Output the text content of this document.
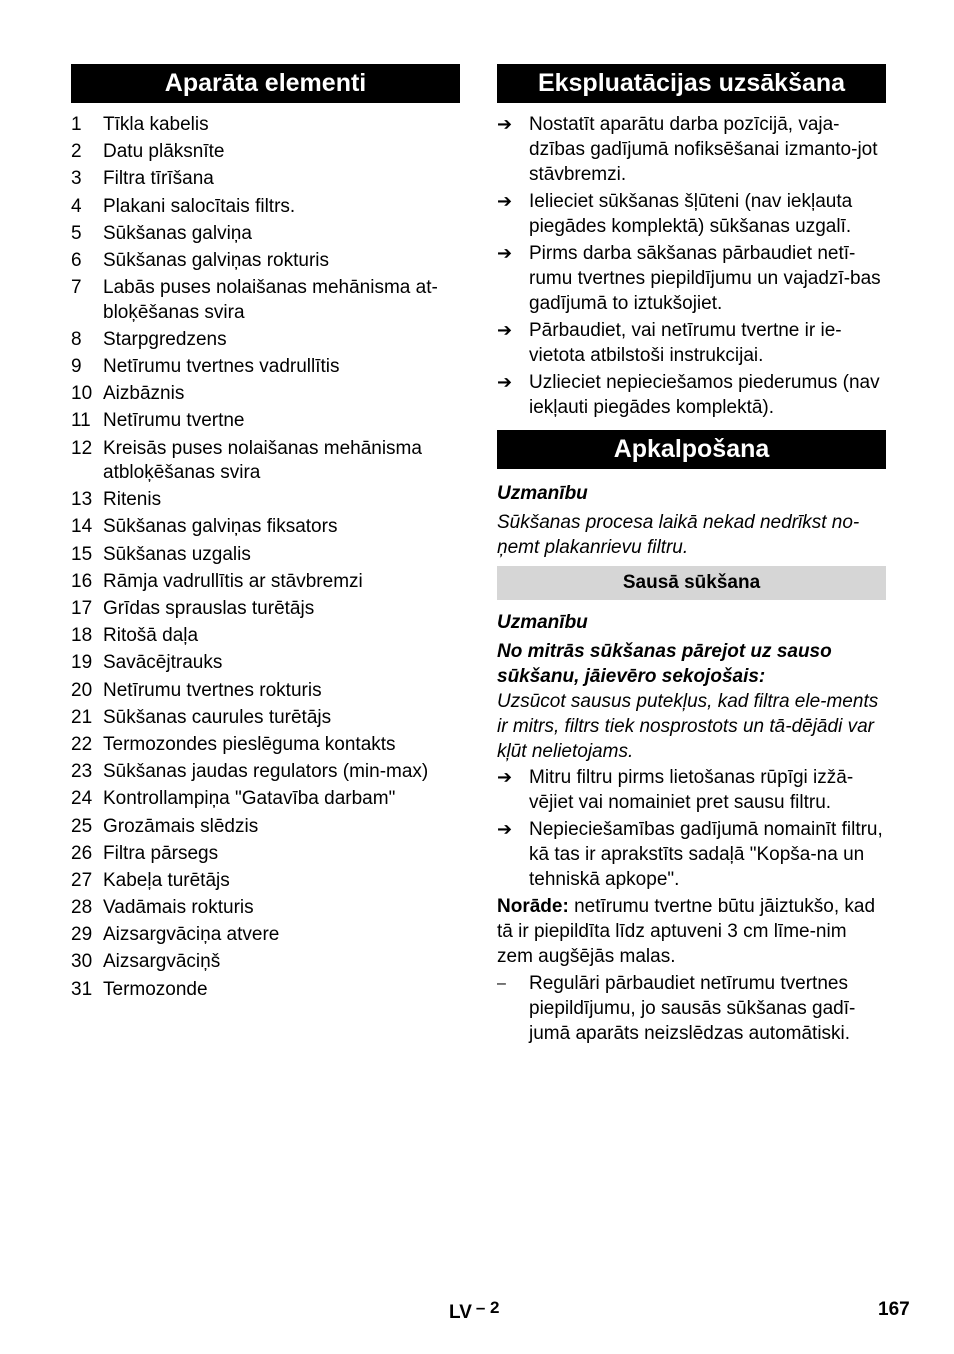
Aparāta elementi
1	Tīkla kabelis
2	Datu plāksnīte
3	Filtra tīrīšana
4	Plakani salocītais filtrs.
5	Sūkšanas galviņa
6	Sūkšanas galviņas rokturis
7	Labās puses nolaišanas mehānisma at-bloķēšanas svira
8	Starpgredzens
9	Netīrumu tvertnes vadrullītis
10 Aizbāznis
11 Netīrumu tvertne
12 Kreisās puses nolaišanas mehānisma atbloķēšanas svira
13 Ritenis
14 Sūkšanas galviņas fiksators
15 Sūkšanas uzgalis
16 Rāmja vadrullītis ar stāvbremzi
17 Grīdas sprauslas turētājs
18 Ritošā daļa
19 Savācējtrauks
20 Netīrumu tvertnes rokturis
21 Sūkšanas caurules turētājs
22 Termozondes pieslēguma kontakts
23 Sūkšanas jaudas regulators (min-max)
24 Kontrollampiņa "Gatavība darbam"
25 Grozāmais slēdzis
26 Filtra pārsegs
27 Kabeļa turētājs
28 Vadāmais rokturis
29 Aizsargvāciņa atvere
30 Aizsargvāciņš
31 Termozonde
Ekspluatācijas uzsākšana
➔ Nostatīt aparātu darba pozīcijā, vaja-dzības gadījumā nofiksēšanai izmanto-jot stāvbremzi.
➔ Ielieciet sūkšanas šļūteni (nav iekļauta piegādes komplektā) sūkšanas uzgalī.
➔ Pirms darba sākšanas pārbaudiet netī-rumu tvertnes piepildījumu un vajadzī-bas gadījumā to iztukšojiet.
➔ Pārbaudiet, vai netīrumu tvertne ir ie-vietota atbilstoši instrukcijai.
➔ Uzlieciet nepieciešamos piederumus (nav iekļauti piegādes komplektā).
Apkalpošana

Uzmanību

Sūkšanas procesa laikā nekad nedrīkst no-ņemt plakanrievu filtru.

Sausā sūkšana

Uzmanību

No mitrās sūkšanas pārejot uz sauso sūkšanu, jāievēro sekojošais:

Uzsūcot sausus putekļus, kad filtra ele-ments ir mitrs, filtrs tiek nosprostots un tā-dējādi var kļūt nelietojams.

➔ Mitru filtru pirms lietošanas rūpīgi izžā-vējiet vai nomainiet pret sausu filtru.
➔ Nepieciešamības gadījumā nomainīt filtru, kā tas ir aprakstīts sadaļā "Kopša-na un tehniskā apkope".

Norāde: netīrumu tvertne būtu jāiztukšo, kad tā ir piepildīta līdz aptuveni 3 cm līme-nim zem augšējās malas.

–	Regulāri pārbaudiet netīrumu tvertnes piepildījumu, jo sausās sūkšanas gadī-jumā aparāts neizslēdzas automātiski.
LV – 2	167
